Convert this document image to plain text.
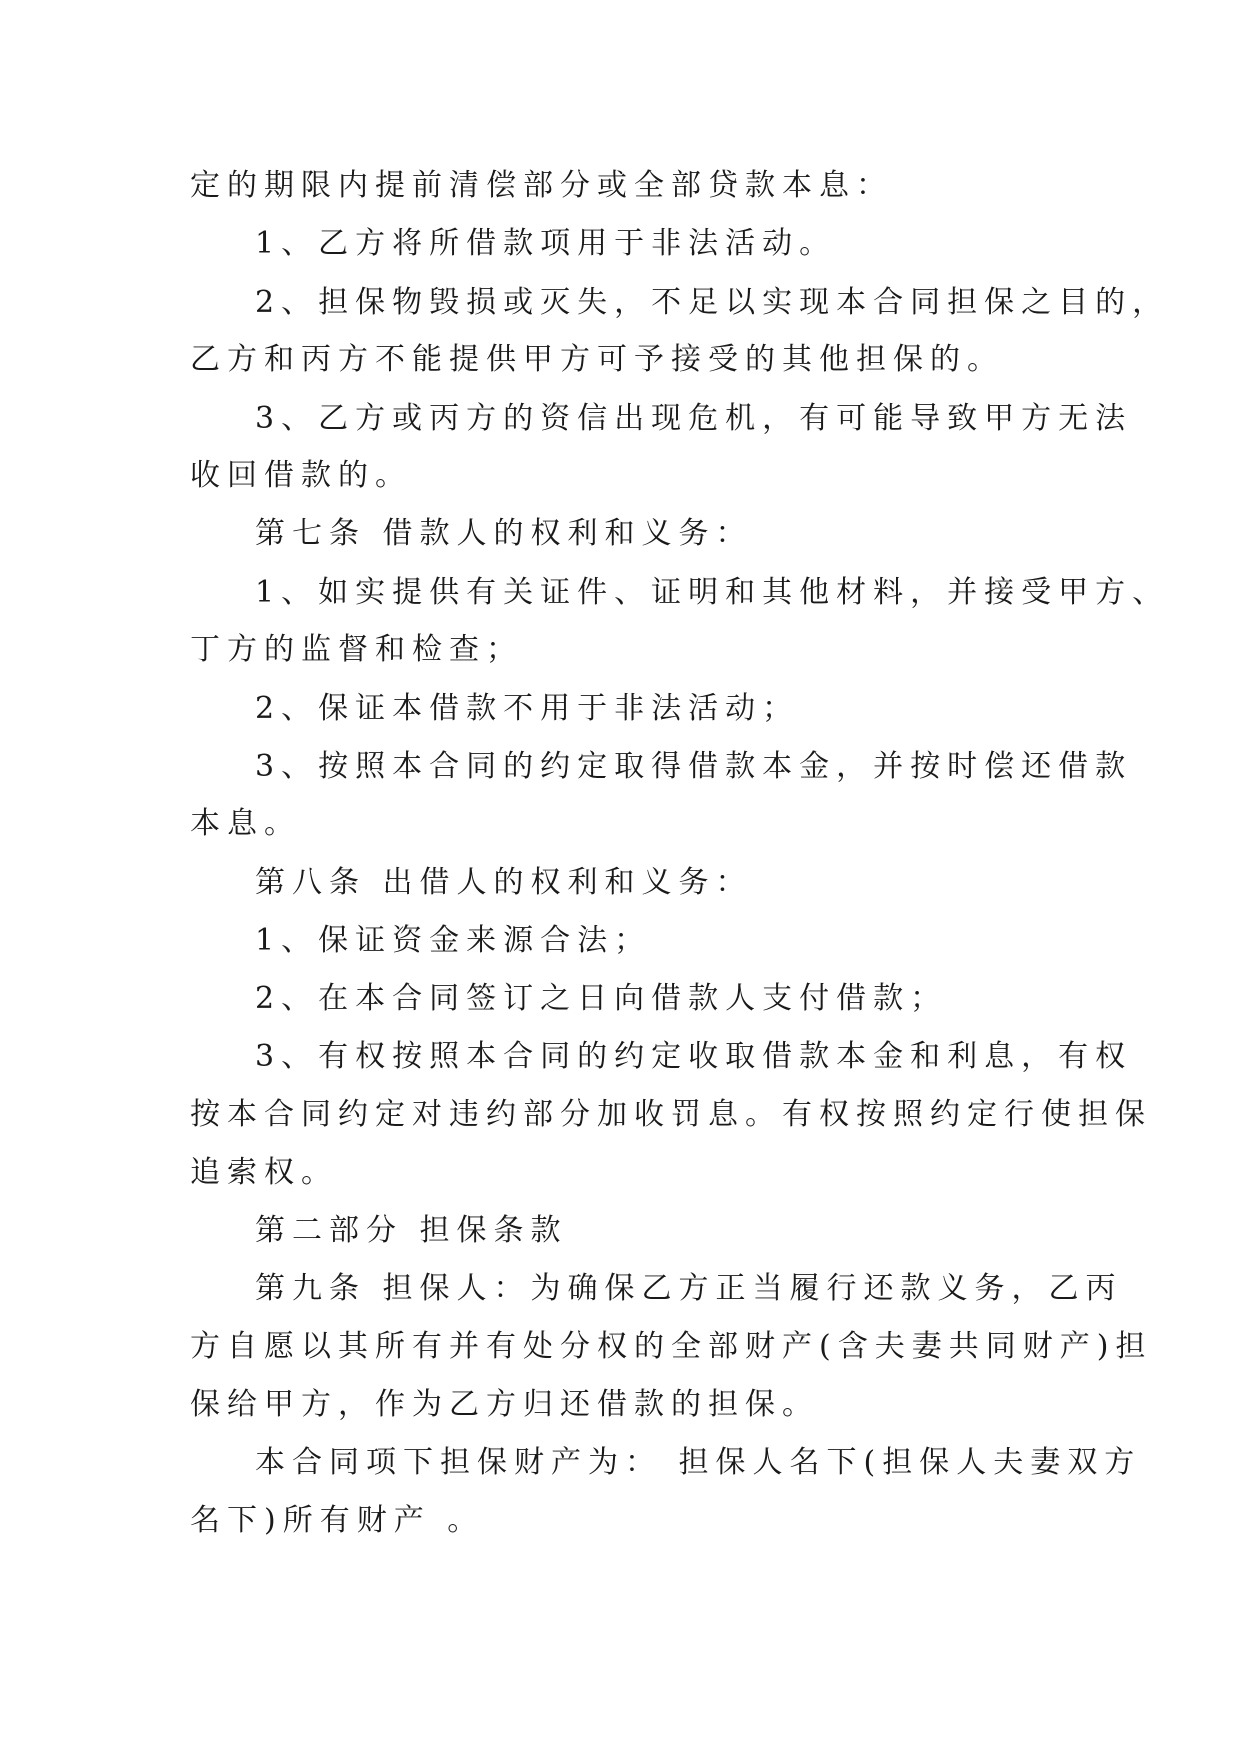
定的期限内提前清偿部分或全部贷款本息：

1、乙方将所借款项用于非法活动。

2、担保物毁损或灭失，不足以实现本合同担保之目的，

乙方和丙方不能提供甲方可予接受的其他担保的。

3、乙方或丙方的资信出现危机，有可能导致甲方无法

收回借款的。

第七条 借款人的权利和义务：

1、如实提供有关证件、证明和其他材料，并接受甲方、

丁方的监督和检查；

2、保证本借款不用于非法活动；

3、按照本合同的约定取得借款本金，并按时偿还借款

本息。

第八条 出借人的权利和义务：

1、保证资金来源合法；

2、在本合同签订之日向借款人支付借款；

3、有权按照本合同的约定收取借款本金和利息，有权

按本合同约定对违约部分加收罚息。有权按照约定行使担保

追索权。

第二部分 担保条款

第九条 担保人：为确保乙方正当履行还款义务，乙丙

方自愿以其所有并有处分权的全部财产(含夫妻共同财产)担

保给甲方，作为乙方归还借款的担保。

本合同项下担保财产为： 担保人名下(担保人夫妻双方

名下)所有财产 。
